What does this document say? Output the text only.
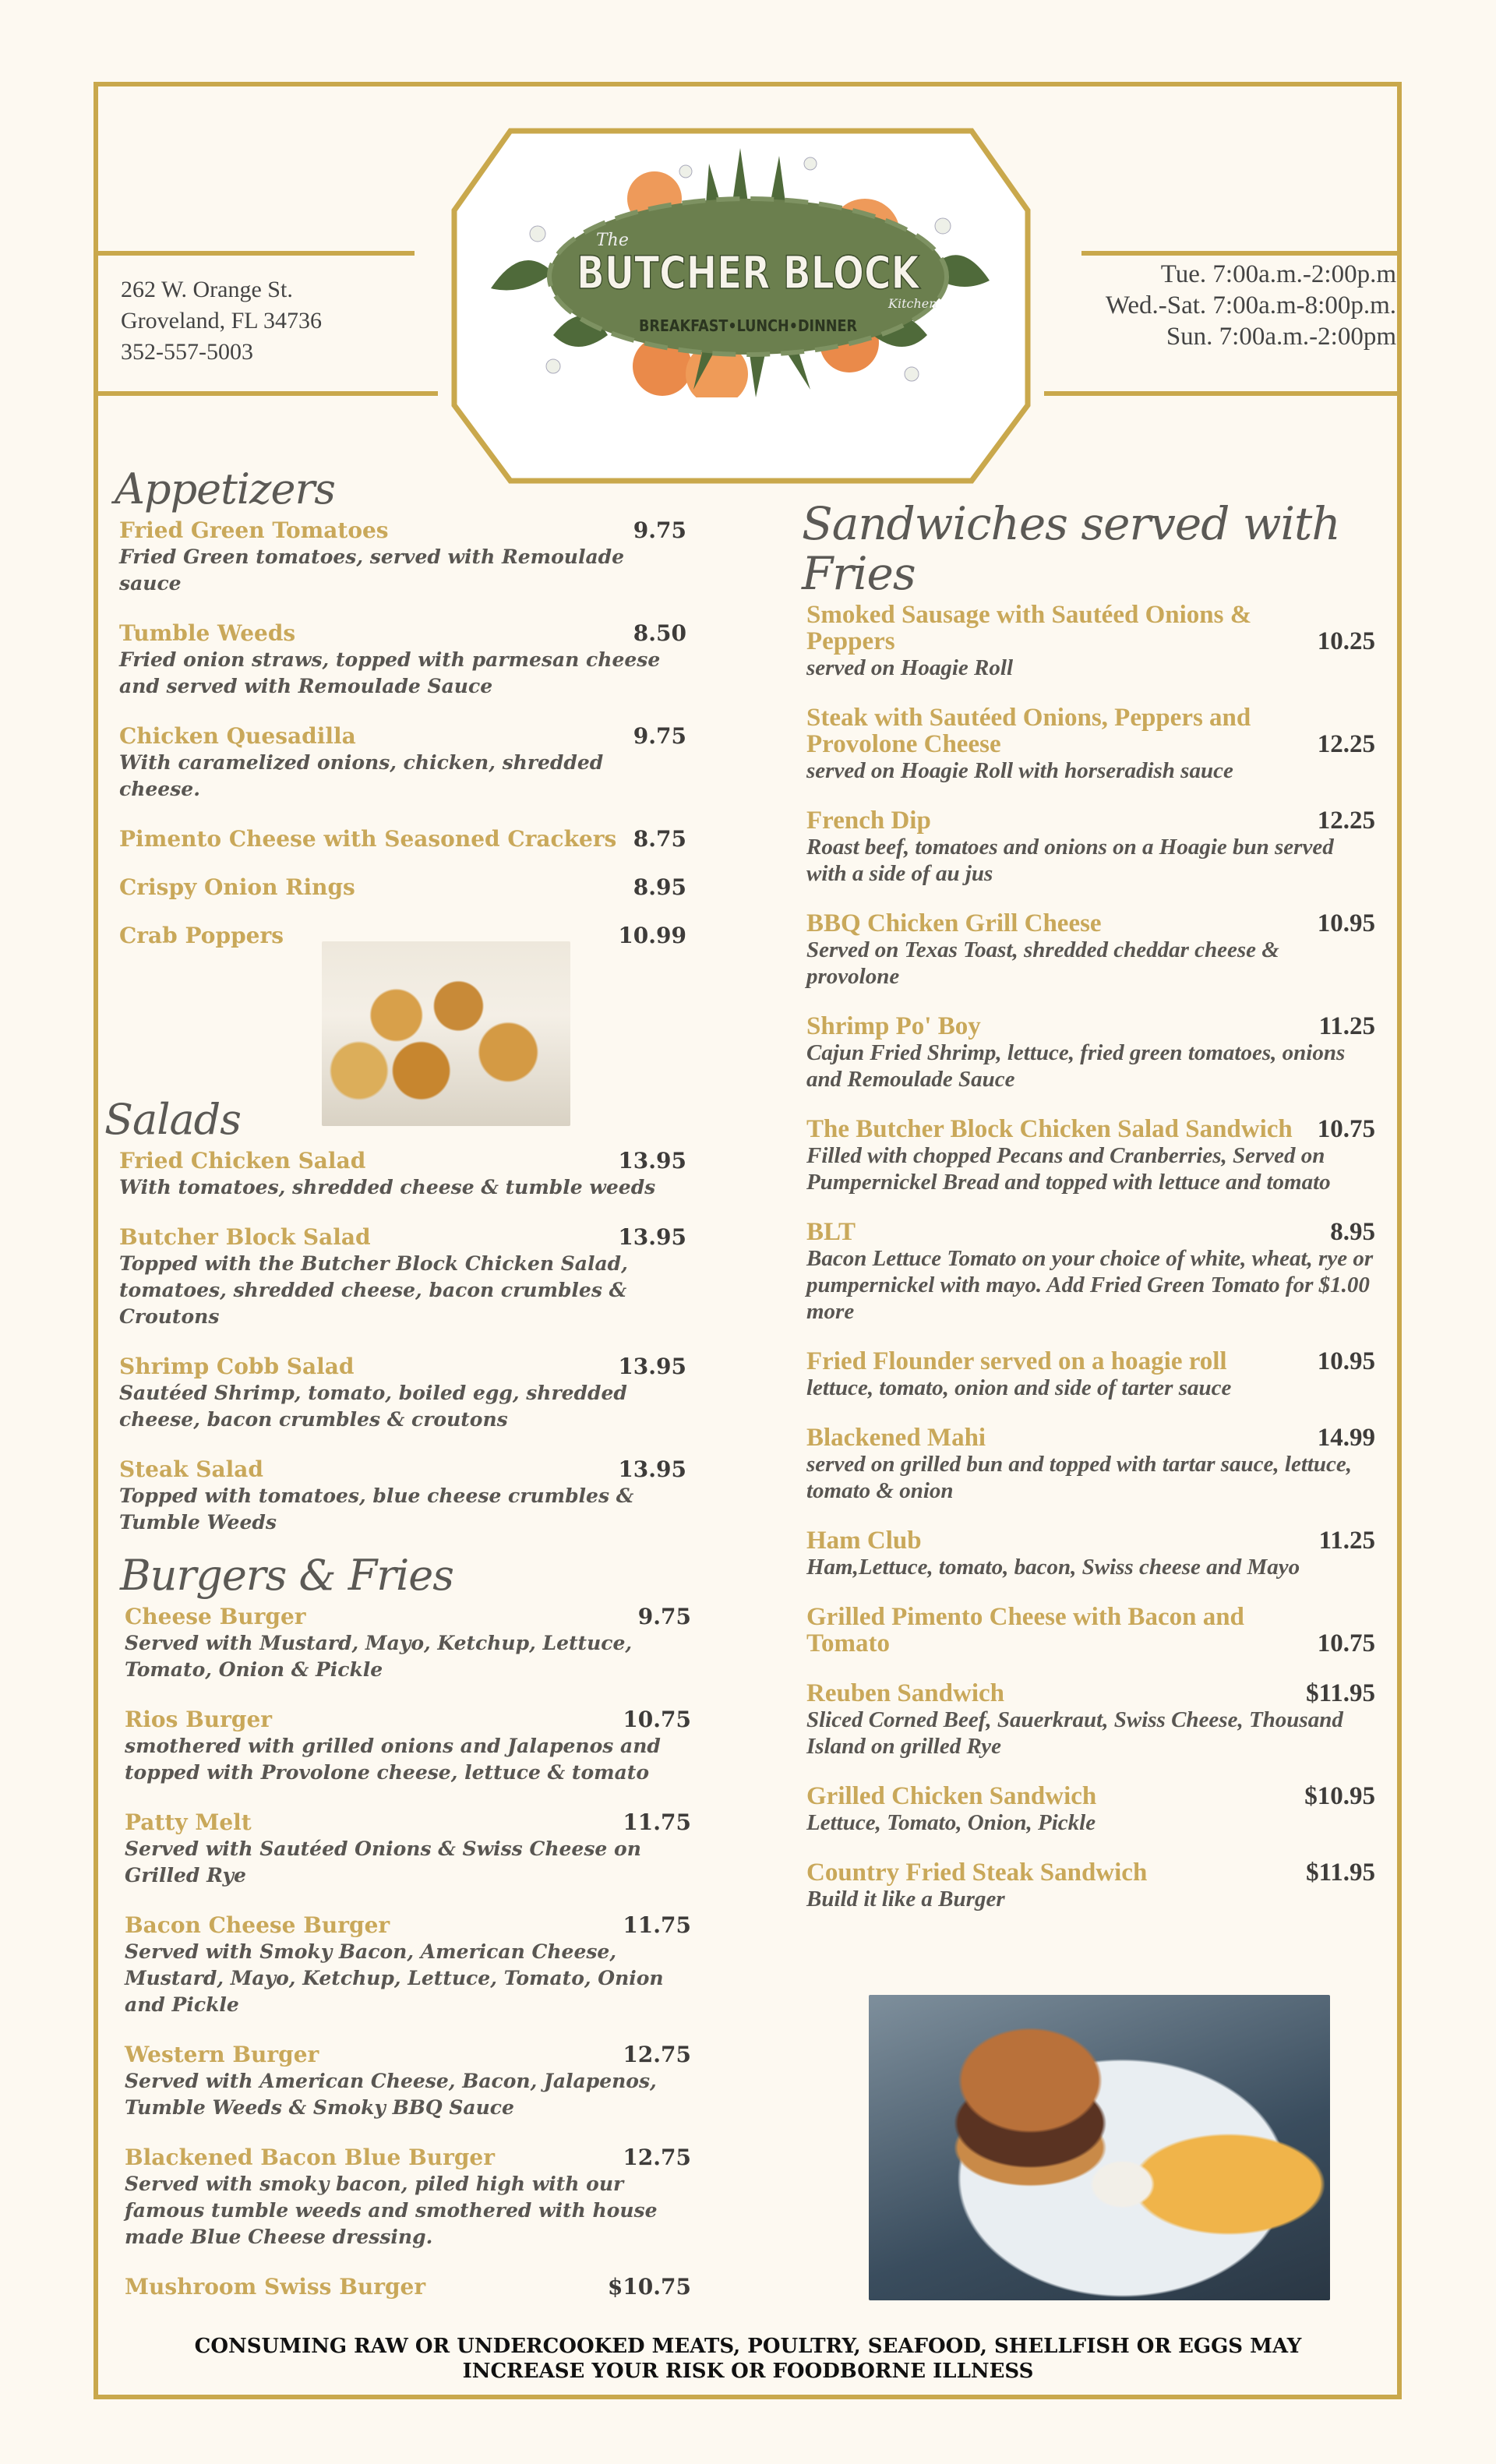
262 W. Orange St.
Groveland, FL 34736
352-557-5003
Tue. 7:00a.m.-2:00p.m
Wed.-Sat. 7:00a.m-8:00p.m.
Sun. 7:00a.m.-2:00pm
The
BUTCHER BLOCK
Kitchen
BREAKFAST•LUNCH•DINNER
Appetizers
Fried Green Tomatoes	9.75
Fried Green tomatoes, served with Remoulade sauce
Tumble Weeds	8.50
Fried onion straws, topped with parmesan cheese and served with Remoulade Sauce
Chicken Quesadilla	9.75
With caramelized onions, chicken, shredded cheese.
Pimento Cheese with Seasoned Crackers 8.75
Crispy Onion Rings	8.95
Crab Poppers	10.99
Salads
Fried Chicken Salad	13.95
With tomatoes, shredded cheese & tumble weeds
Butcher Block Salad	13.95
Topped with the Butcher Block Chicken Salad, tomatoes, shredded cheese, bacon crumbles & Croutons
Shrimp Cobb Salad	13.95
Sautéed Shrimp, tomato, boiled egg, shredded cheese, bacon crumbles & croutons
Steak Salad	13.95
Topped with tomatoes, blue cheese crumbles & Tumble Weeds
Burgers & Fries
Cheese Burger	9.75
Served with Mustard, Mayo, Ketchup, Lettuce, Tomato, Onion & Pickle
Rios Burger	10.75
smothered with grilled onions and Jalapenos and topped with Provolone cheese, lettuce & tomato
Patty Melt	11.75
Served with Sautéed Onions & Swiss Cheese on Grilled Rye
Bacon Cheese Burger	11.75
Served with Smoky Bacon, American Cheese, Mustard, Mayo, Ketchup, Lettuce, Tomato, Onion and Pickle
Western Burger	12.75
Served with American Cheese, Bacon, Jalapenos, Tumble Weeds & Smoky BBQ Sauce
Blackened Bacon Blue Burger	12.75
Served with smoky bacon, piled high with our famous tumble weeds and smothered with house made Blue Cheese dressing.
Mushroom Swiss Burger	$10.75
Sandwiches served with Fries
Smoked Sausage with Sautéed Onions & Peppers	10.25
served on Hoagie Roll
Steak with Sautéed Onions, Peppers and Provolone Cheese	12.25
served on Hoagie Roll with horseradish sauce
French Dip	12.25
Roast beef, tomatoes and onions on a Hoagie bun served with a side of au jus
BBQ Chicken Grill Cheese	10.95
Served on Texas Toast, shredded cheddar cheese & provolone
Shrimp Po' Boy	11.25
Cajun Fried Shrimp, lettuce, fried green tomatoes, onions and Remoulade Sauce
The Butcher Block Chicken Salad Sandwich 10.75
Filled with chopped Pecans and Cranberries, Served on Pumpernickel Bread and topped with lettuce and tomato
BLT	8.95
Bacon Lettuce Tomato on your choice of white, wheat, rye or pumpernickel with mayo. Add Fried Green Tomato for $1.00 more
Fried Flounder served on a hoagie roll	10.95
lettuce, tomato, onion and side of tarter sauce
Blackened Mahi	14.99
served on grilled bun and topped with tartar sauce, lettuce, tomato & onion
Ham Club	11.25
Ham,Lettuce, tomato, bacon, Swiss cheese and Mayo
Grilled Pimento Cheese with Bacon and Tomato	10.75
Reuben Sandwich	$11.95
Sliced Corned Beef, Sauerkraut, Swiss Cheese, Thousand Island on grilled Rye
Grilled Chicken Sandwich	$10.95
Lettuce, Tomato, Onion, Pickle
Country Fried Steak Sandwich	$11.95
Build it like a Burger
CONSUMING RAW OR UNDERCOOKED MEATS, POULTRY, SEAFOOD, SHELLFISH OR EGGS MAY
INCREASE YOUR RISK OR FOODBORNE ILLNESS
